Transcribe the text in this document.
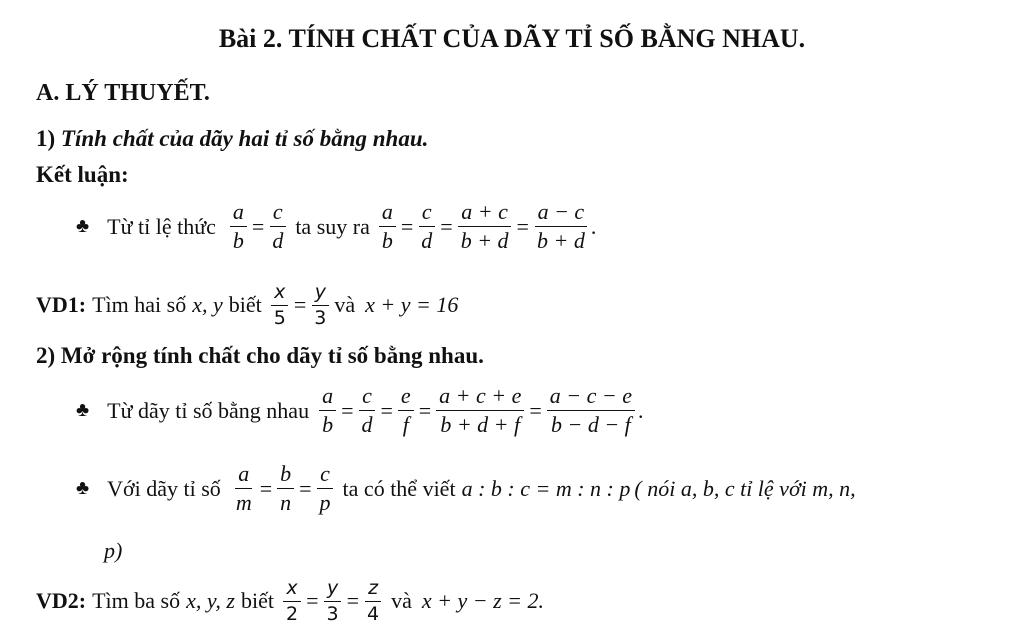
Bài 2. TÍNH CHẤT CỦA DÃY TỈ SỐ BẰNG NHAU.
A. LÝ THUYẾT.
1) Tính chất của dãy hai tỉ số bằng nhau.
Kết luận:
♣ Từ tỉ lệ thức $\frac{a}{b} = \frac{c}{d}$ ta suy ra $\frac{a}{b} = \frac{c}{d} = \frac{a + c}{b + d} = \frac{a - c}{b + d}$ .
VD1: Tìm hai số x, y biết $\frac{x}{5} = \frac{y}{3}$ và x + y = 16
2) Mở rộng tính chất cho dãy tỉ số bằng nhau.
♣ Từ dãy tỉ số bằng nhau $\frac{a}{b} = \frac{c}{d} = \frac{e}{f} = \frac{a + c + e}{b + d + f} = \frac{a - c - e}{b - d - f}$ .
♣ Với dãy tỉ số $\frac{a}{m} = \frac{b}{n} = \frac{c}{p}$ ta có thể viết a : b : c = m : n : p ( nói a, b, c tỉ lệ với m, n,
p)
VD2: Tìm ba số x, y, z biết $\frac{x}{2} = \frac{y}{3} = \frac{z}{4}$ và x + y − z = 2.
